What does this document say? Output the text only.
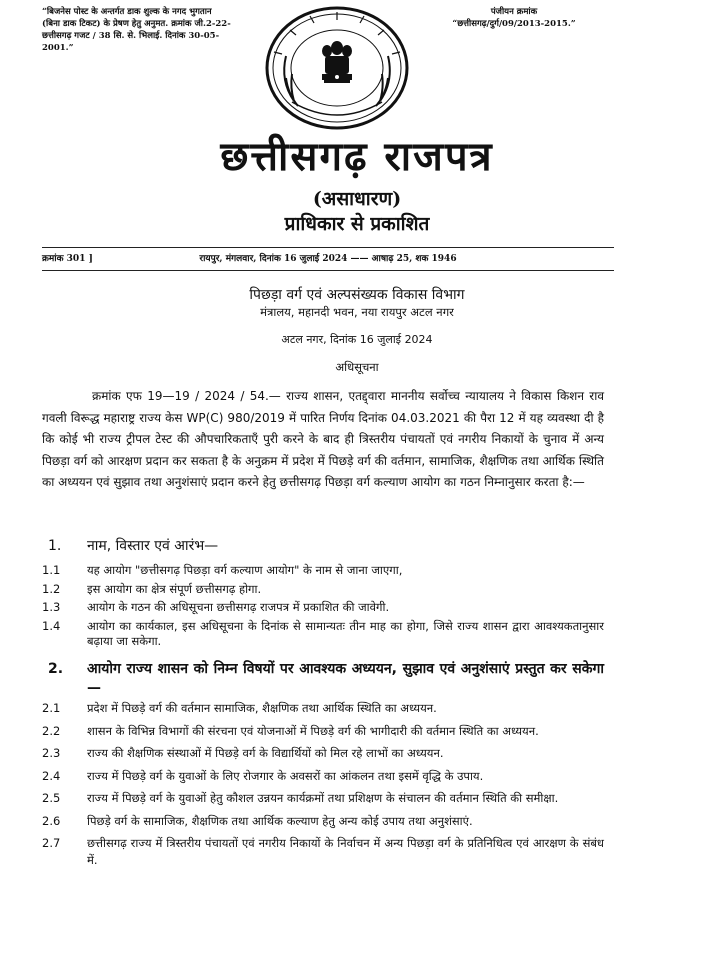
“बिजनेस पोस्ट के अन्तर्गत डाक शुल्क के नगद भुगतान (बिना डाक टिकट) के प्रेषण हेतु अनुमत. क्रमांक जी.2-22-छत्तीसगढ़ गजट / 38 सि. से. भिलाई. दिनांक 30-05-2001.”
पंजीयन क्रमांक
“छत्तीसगढ़/दुर्ग/09/2013-2015.”
छत्तीसगढ़ राजपत्र
(असाधारण)
प्राधिकार से प्रकाशित
क्रमांक 301 ]	रायपुर, मंगलवार, दिनांक 16 जुलाई 2024 —— आषाढ़ 25, शक 1946
पिछड़ा वर्ग एवं अल्पसंख्यक विकास विभाग
मंत्रालय, महानदी भवन, नया रायपुर अटल नगर
अटल नगर, दिनांक 16 जुलाई 2024
अधिसूचना

क्रमांक एफ 19—19 / 2024 / 54.— राज्य शासन, एतद्द्वारा माननीय सर्वोच्च न्यायालय ने विकास किशन राव गवली विरूद्ध महाराष्ट्र राज्य केस WP(C) 980/2019 में पारित निर्णय दिनांक 04.03.2021 की पैरा 12 में यह व्यवस्था दी है कि कोई भी राज्य ट्रीपल टेस्ट की औपचारिकताएँ पुरी करने के बाद ही त्रिस्तरीय पंचायतों एवं नगरीय निकायों के चुनाव में अन्य पिछड़ा वर्ग को आरक्षण प्रदान कर सकता है के अनुक्रम में प्रदेश में पिछड़े वर्ग की वर्तमान, सामाजिक, शैक्षणिक तथा आर्थिक स्थिति का अध्ययन एवं सुझाव तथा अनुशंसाएं प्रदान करने हेतु छत्तीसगढ़ पिछड़ा वर्ग कल्याण आयोग का गठन निम्नानुसार करता है:—

1. नाम, विस्तार एवं आरंभ—
1.1 यह आयोग "छत्तीसगढ़ पिछड़ा वर्ग कल्याण आयोग" के नाम से जाना जाएगा,
1.2 इस आयोग का क्षेत्र संपूर्ण छत्तीसगढ़ होगा.
1.3 आयोग के गठन की अधिसूचना छत्तीसगढ़ राजपत्र में प्रकाशित की जावेगी.
1.4 आयोग का कार्यकाल, इस अधिसूचना के दिनांक से सामान्यतः तीन माह का होगा, जिसे राज्य शासन द्वारा आवश्यकतानुसार बढ़ाया जा सकेगा.
2. आयोग राज्य शासन को निम्न विषयों पर आवश्यक अध्ययन, सुझाव एवं अनुशंसाएं प्रस्तुत कर सकेगा—
2.1 प्रदेश में पिछड़े वर्ग की वर्तमान सामाजिक, शैक्षणिक तथा आर्थिक स्थिति का अध्ययन.
2.2 शासन के विभिन्न विभागों की संरचना एवं योजनाओं में पिछड़े वर्ग की भागीदारी की वर्तमान स्थिति का अध्ययन.
2.3 राज्य की शैक्षणिक संस्थाओं में पिछड़े वर्ग के विद्यार्थियों को मिल रहे लाभों का अध्ययन.
2.4 राज्य में पिछड़े वर्ग के युवाओं के लिए रोजगार के अवसरों का आंकलन तथा इसमें वृद्धि के उपाय.
2.5 राज्य में पिछड़े वर्ग के युवाओं हेतु कौशल उन्नयन कार्यक्रमों तथा प्रशिक्षण के संचालन की वर्तमान स्थिति की समीक्षा.
2.6 पिछड़े वर्ग के सामाजिक, शैक्षणिक तथा आर्थिक कल्याण हेतु अन्य कोई उपाय तथा अनुशंसाएं.
2.7 छत्तीसगढ़ राज्य में त्रिस्तरीय पंचायतों एवं नगरीय निकायों के निर्वाचन में अन्य पिछड़ा वर्ग के प्रतिनिधित्व एवं आरक्षण के संबंध में.
